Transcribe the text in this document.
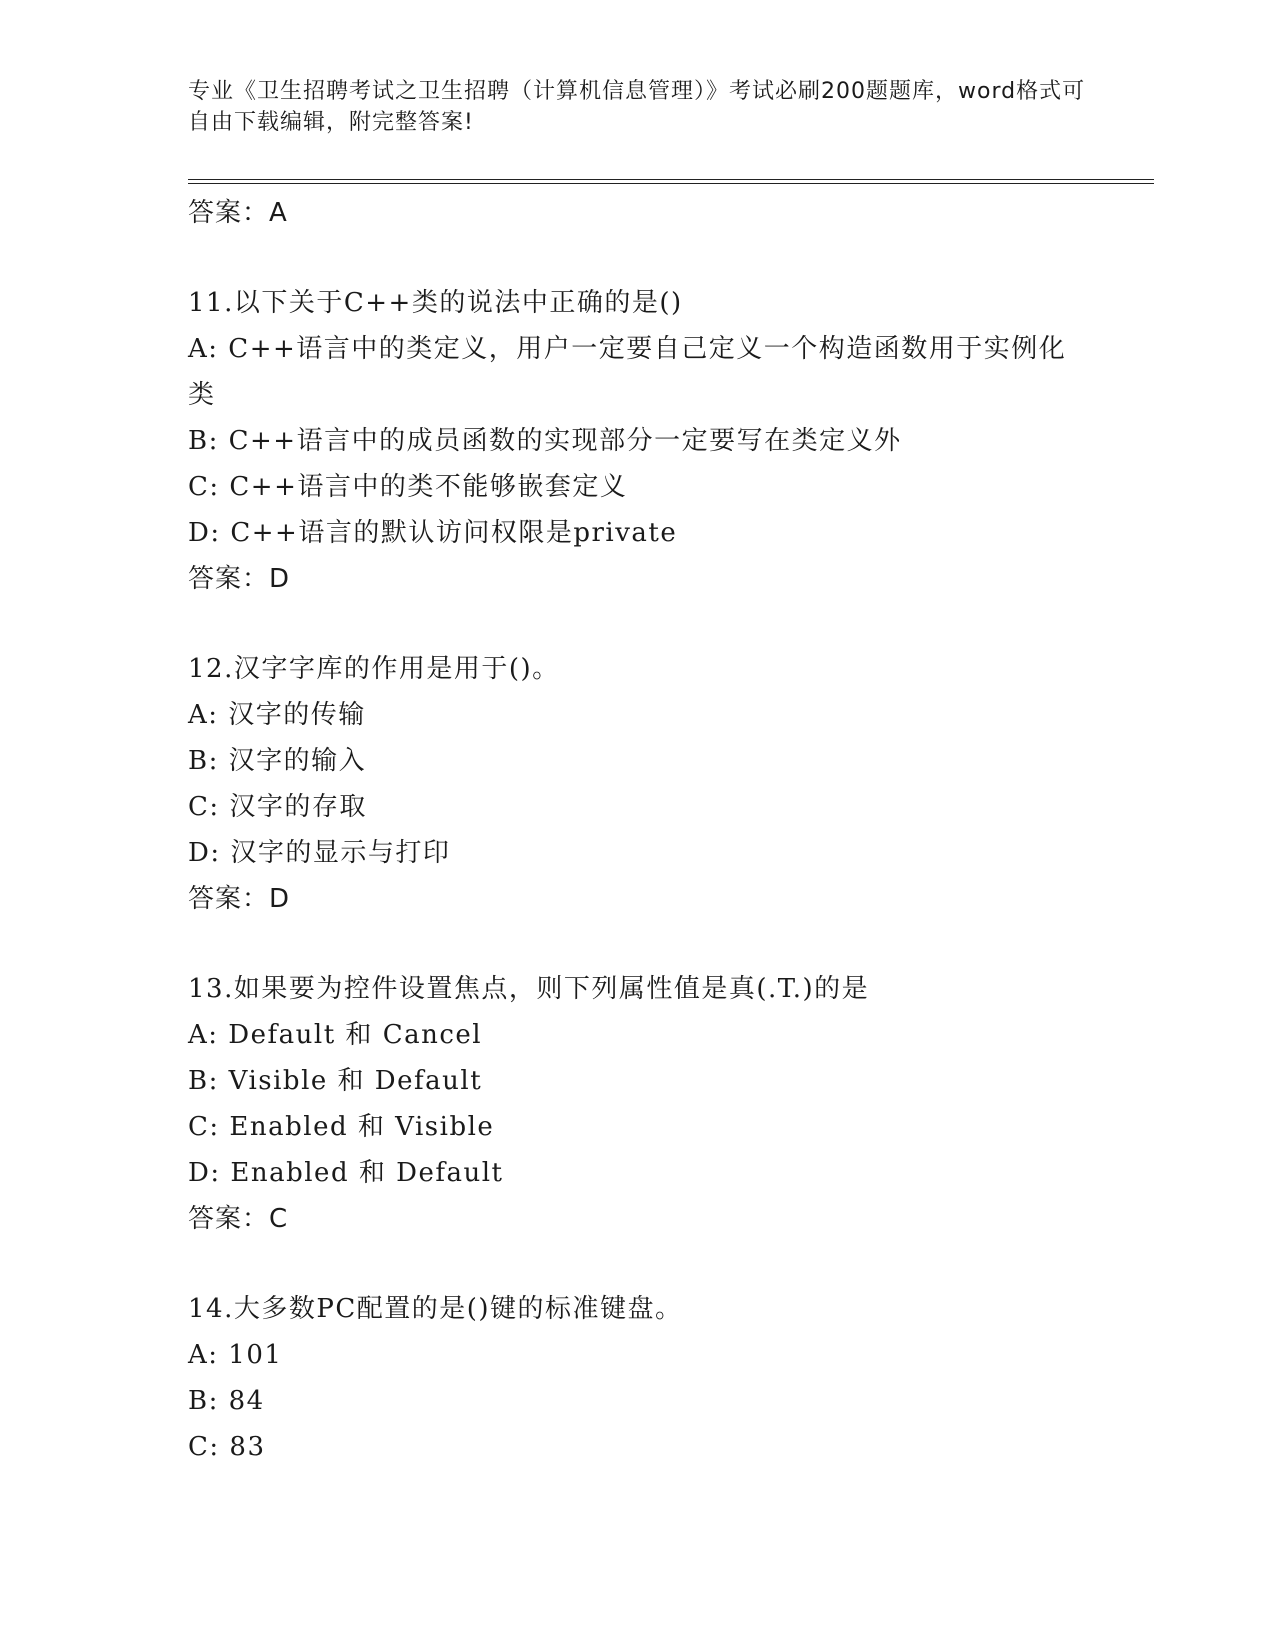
专业《卫生招聘考试之卫生招聘（计算机信息管理）》考试必刷200题题库，word格式可自由下载编辑，附完整答案!
答案：A
11.以下关于C++类的说法中正确的是()
A: C++语言中的类定义，用户一定要自己定义一个构造函数用于实例化类
B: C++语言中的成员函数的实现部分一定要写在类定义外
C: C++语言中的类不能够嵌套定义
D: C++语言的默认访问权限是private
答案：D
12.汉字字库的作用是用于()。
A: 汉字的传输
B: 汉字的输入
C: 汉字的存取
D: 汉字的显示与打印
答案：D
13.如果要为控件设置焦点，则下列属性值是真(.T.)的是
A: Default 和 Cancel
B: Visible 和 Default
C: Enabled 和 Visible
D: Enabled 和 Default
答案：C
14.大多数PC配置的是()键的标准键盘。
A: 101
B: 84
C: 83
